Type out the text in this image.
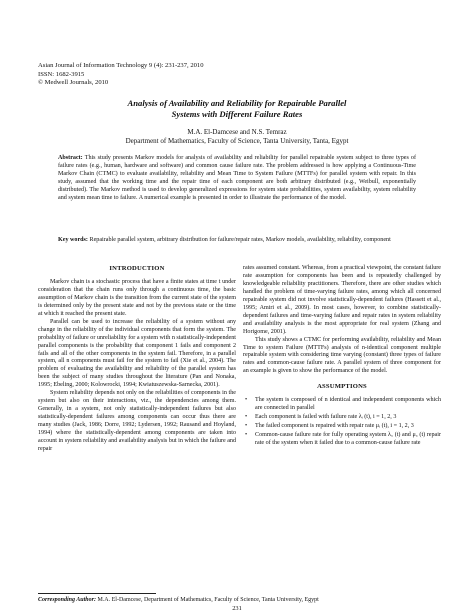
Asian Journal of Information Technology 9 (4): 231-237, 2010
ISSN: 1682-3915
© Medwell Journals, 2010
Analysis of Availability and Reliability for Repairable Parallel
Systems with Different Failure Rates
M.A. El-Damcese and N.S. Temraz
Department of Mathematics, Faculty of Science, Tanta University, Tanta, Egypt
Abstract: This study presents Markov models for analysis of availability and reliability for parallel repairable system subject to three types of failure rates (e.g., human, hardware and software) and common cause failure rate. The problem addressed is how applying a Continuous-Time Markov Chain (CTMC) to evaluate availability, reliability and Mean Time to System Failure (MTTFs) for parallel system with repair. In this study, assumed that the working time and the repair time of each component are both arbitrary distributed (e.g., Weibull, exponentially distributed). The Markov method is used to develop generalized expressions for system state probabilities, system availability, system reliability and system mean time to failure. A numerical example is presented in order to illustrate the performance of the model.
Key words: Repairable parallel system, arbitrary distribution for failure/repair rates, Markov models, availability, reliability, component
INTRODUCTION

Markov chain is a stochastic process that have a finite states at time t under consideration that the chain runs only through a continuous time, the basic assumption of Markov chain is the transition from the current state of the system is determined only by the present state and not by the previous state or the time at which it reached the present state.

Parallel can be used to increase the reliability of a system without any change in the reliability of the individual components that form the system. The probability of failure or unreliability for a system with n statistically-independent parallel components is the probability that component 1 fails and component 2 fails and all of the other components in the system fail. Therefore, in a parallel system, all n components must fail for the system to fail (Xie et al., 2004). The problem of evaluating the availability and reliability of the parallel system has been the subject of many studies throughout the literature (Pan and Nonaka, 1995; Ebeling, 2000; Kolowrocki, 1994; Kwiatuszewska-Sarnecka, 2001).

System reliability depends not only on the reliabilities of components in the system but also on their interactions, viz., the dependencies among them. Generally, in a system, not only statistically-independent failures but also statistically-dependent failures among components can occur thus there are many studies (Jack, 1986; Dorre, 1992; Lydersen, 1992; Rausand and Hoyland, 1994) where the statistically-dependent among components are taken into account in system reliability and availability analysis but in which the failure and repair

rates assumed constant. Whereas, from a practical viewpoint, the constant failure rate assumption for components has been and is repeatedly challenged by knowledgeable reliability practitioners. Therefore, there are other studies which handled the problem of time-varying failure rates, among which all concerned repairable system did not involve statistically-dependent failures (Hassett et al., 1995; Amiri et al., 2009). In most cases, however, to combine statistically-dependent failures and time-varying failure and repair rates in system reliability and availability analysis is the most appropriate for real system (Zhang and Horigome, 2001).

This study shows a CTMC for performing availability, reliability and Mean Time to system Failure (MTTFs) analysis of n-identical component multiple repairable system with considering time varying (constant) three types of failure rates and common-cause failure rate. A parallel system of three component for an example is given to show the performance of the model.

ASSUMPTIONS
• The system is composed of n identical and independent components which are connected in parallel
• Each component is failed with failure rate λᵢ (t), i = 1, 2, 3
• The failed component is repaired with repair rate μᵢ (t), i = 1, 2, 3
• Common-cause failure rate for fully operating system λ꜀ (t) and μ꜀ (t) repair rate of the system when it failed due to a common-cause failure rate
Corresponding Author: M.A. El-Damcese, Department of Mathematics, Faculty of Science, Tanta University, Egypt
231
